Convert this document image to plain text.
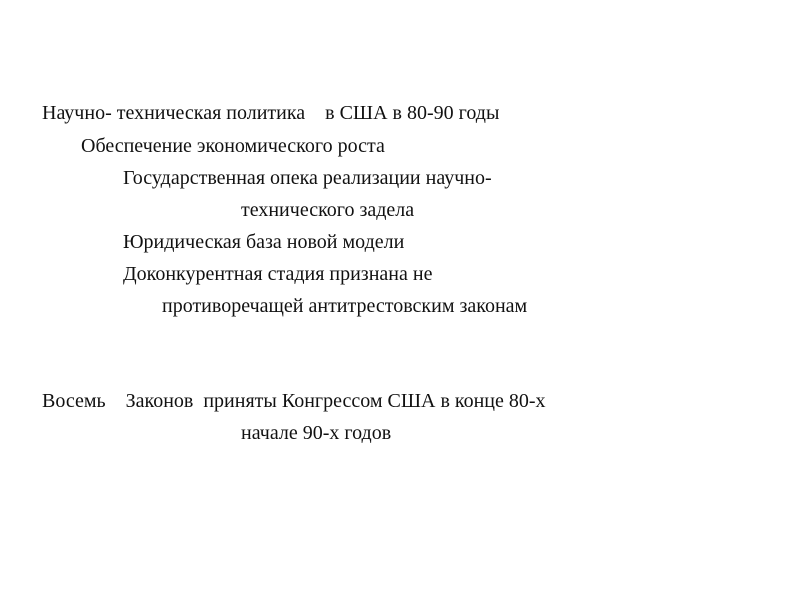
Научно- техническая политика    в США в 80-90 годы
Обеспечение экономического роста
Государственная опека реализации научно-
технического задела
Юридическая база новой модели
Доконкурентная стадия признана не
противоречащей антитрестовским законам
Восемь    Законов  приняты Конгрессом США в конце 80-х
начале 90-х годов
